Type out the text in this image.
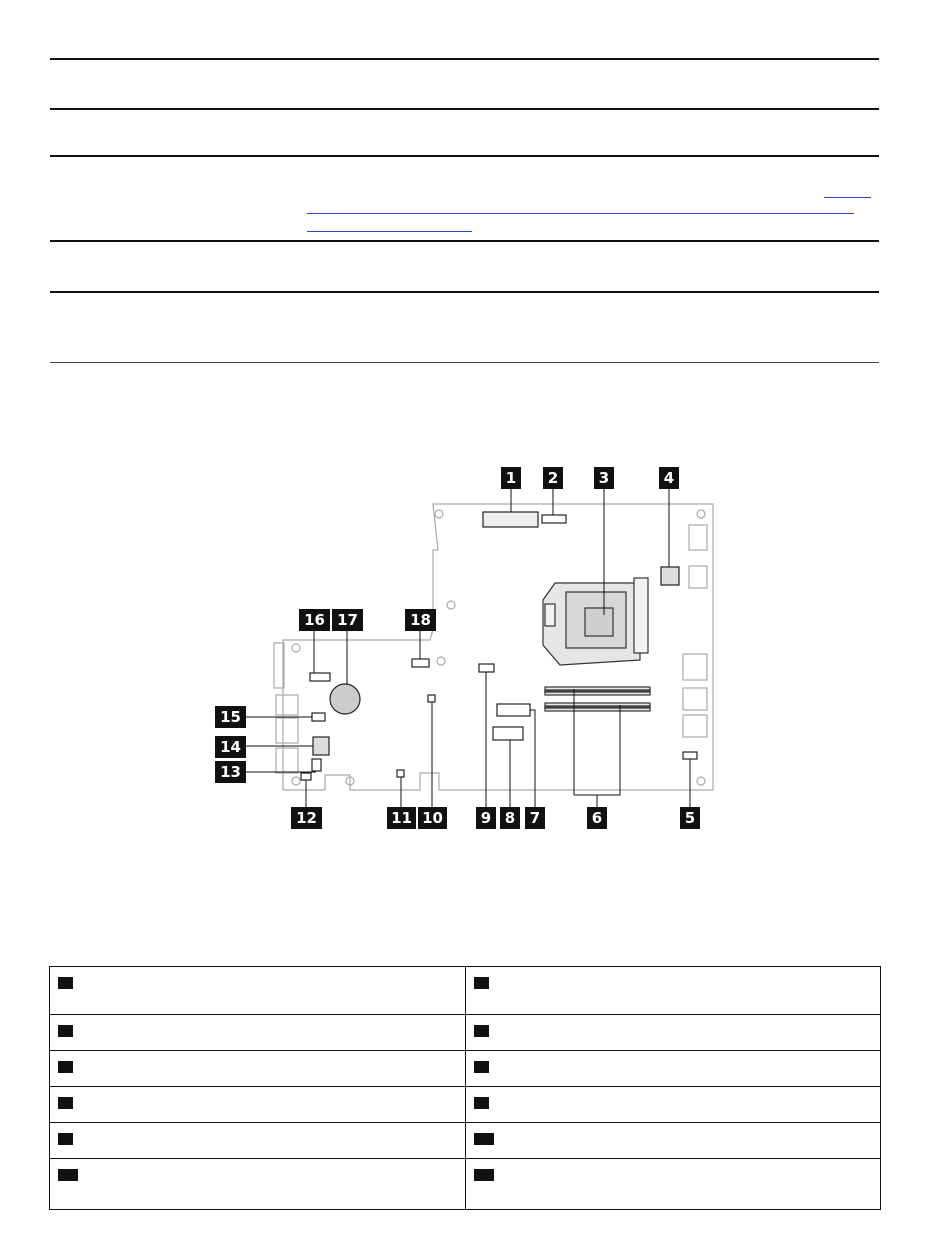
1	2	3	4
5
6
7
8
9
10
11
12
13
14
15
16 17	18
